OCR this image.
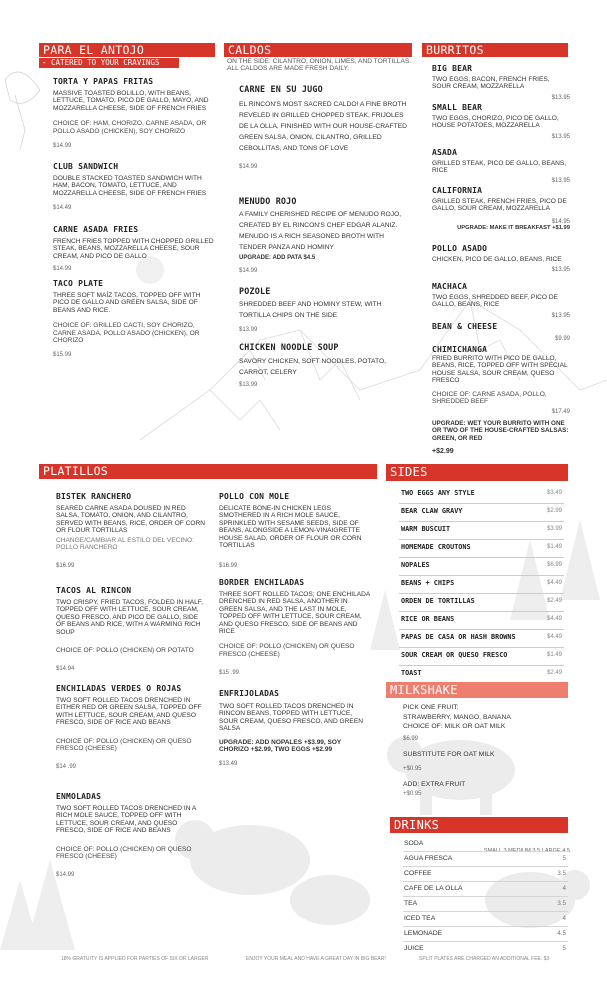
PARA EL ANTOJO
- CATERED TO YOUR CRAVINGS

TORTA Y PAPAS FRITAS

MASSIVE TOASTED BOLILLO, WITH BEANS, LETTUCE, TOMATO, PICO DE GALLO, MAYO, AND MOZZARELLA CHEESE, SIDE OF FRENCH FRIES

CHOICE OF: HAM, CHORIZO, CARNE ASADA, OR POLLO ASADO (CHICKEN), SOY CHORIZO

$14.99

CLUB SANDWICH

DOUBLE STACKED TOASTED SANDWICH WITH HAM, BACON, TOMATO, LETTUCE, AND MOZZARELLA CHEESE, SIDE OF FRENCH FRIES

$14.49

CARNE ASADA FRIES

FRENCH FRIES TOPPED WITH CHOPPED GRILLED STEAK, BEANS, MOZZARELLA CHEESE, SOUR CREAM, AND PICO DE GALLO

$14.99

TACO PLATE

THREE SOFT MAÍZ TACOS, TOPPED OFF WITH PICO DE GALLO AND GREEN SALSA, SIDE OF BEANS AND RICE.

CHOICE OF: GRILLED CACTI, SOY CHORIZO, CARNE ASADA, POLLO ASADO (CHICKEN), OR CHORIZO

$15.99

CALDOS

ON THE SIDE: CILANTRO, ONION, LIMES, AND TORTILLAS. ALL CALDOS ARE MADE FRESH DAILY.

CARNE EN SU JUGO

EL RINCON'S MOST SACRED CALDO! A FINE BROTH REVELED IN GRILLED CHOPPED STEAK, FRIJOLES DE LA OLLA, FINISHED WITH OUR HOUSE-CRAFTED GREEN SALSA, ONION, CILANTRO, GRILLED CEBOLLITAS, AND TONS OF LOVE

$14.99

MENUDO ROJO

A FAMILY CHERISHED RECIPE OF MENUDO ROJO, CREATED BY EL RINCON'S CHEF EDGAR ALANIZ. MENUDO IS A RICH SEASONED BROTH WITH TENDER PANZA AND HOMINY

UPGRADE: ADD PATA $4.5

$14.99

POZOLE

SHREDDED BEEF AND HOMINY STEW, WITH TORTILLA CHIPS ON THE SIDE

$13.99

CHICKEN NOODLE SOUP

SAVORY CHICKEN, SOFT NOODLES, POTATO, CARROT, CELERY

$13.99

BURRITOS

BIG BEAR

TWO EGGS, BACON, FRENCH FRIES, SOUR CREAM, MOZZARELLA

$13.95

SMALL BEAR

TWO EGGS, CHORIZO, PICO DE GALLO, HOUSE POTATOES, MOZZARELLA

$13.95

ASADA

GRILLED STEAK, PICO DE GALLO, BEANS, RICE

$13.95

CALIFORNIA

GRILLED STEAK, FRENCH FRIES, PICO DE GALLO, SOUR CREAM, MOZZARELLA

$14.95

UPGRADE: MAKE IT BREAKFAST +$1.99

POLLO ASADO

CHICKEN, PICO DE GALLO, BEANS, RICE

$13.95

MACHACA

TWO EGGS, SHREDDED BEEF, PICO DE GALLO, BEANS, RICE

$13.95

BEAN & CHEESE

$9.99

CHIMICHANGA

FRIED BURRITO WITH PICO DE GALLO, BEANS, RICE, TOPPED OFF WITH SPECIAL HOUSE SALSA, SOUR CREAM, QUESO FRESCO

CHOICE OF: CARNE ASADA, POLLO, SHREDDED BEEF

$17.49

UPGRADE: WET YOUR BURRITO WITH ONE OR TWO OF THE HOUSE-CRAFTED SALSAS: GREEN, OR RED

+$2.99

PLATILLOS

BISTEK RANCHERO

SEARED CARNE ASADA DOUSED IN RED SALSA, TOMATO, ONION, AND CILANTRO, SERVED WITH BEANS, RICE, ORDER OF CORN OR FLOUR TORTILLAS

CHANGE/CAMBIAR AL ESTILO DEL VECINO: POLLO RANCHERO

$16.99

TACOS AL RINCON

TWO CRISPY, FRIED TACOS, FOLDED IN HALF, TOPPED OFF WITH LETTUCE, SOUR CREAM, QUESO FRESCO, AND PICO DE GALLO, SIDE OF BEANS AND RICE, WITH A WARMING RICH SOUP

CHOICE OF: POLLO (CHICKEN) OR POTATO

$14.94

ENCHILADAS VERDES O ROJAS

TWO SOFT ROLLED TACOS DRENCHED IN EITHER RED OR GREEN SALSA, TOPPED OFF WITH LETTUCE, SOUR CREAM, AND QUESO FRESCO, SIDE OF RICE AND BEANS

CHOICE OF: POLLO (CHICKEN) OR QUESO FRESCO (CHEESE)

$14 .99

ENMOLADAS

TWO SOFT ROLLED TACOS DRENCHED IN A RICH MOLE SAUCE, TOPPED OFF WITH LETTUCE, SOUR CREAM, AND QUESO FRESCO, SIDE OF RICE AND BEANS

CHOICE OF: POLLO (CHICKEN) OR QUESO FRESCO (CHEESE)

$14.99

POLLO CON MOLE

DELICATE BONE-IN CHICKEN LEGS SMOTHERED IN A RICH MOLE SAUCE, SPRINKLED WITH SESAME SEEDS, SIDE OF BEANS, ALONGSIDE A LEMON-VINAIGRETTE HOUSE SALAD, ORDER OF FLOUR OR CORN TORTILLAS

$16.99

BORDER ENCHILADAS

THREE SOFT ROLLED TACOS; ONE ENCHILADA DRENCHED IN RED SALSA, ANOTHER IN GREEN SALSA, AND THE LAST IN MOLE, TOPPED OFF WITH LETTUCE, SOUR CREAM, AND QUESO FRESCO, SIDE OF BEANS AND RICE

CHOICE OF: POLLO (CHICKEN) OR QUESO FRESCO (CHEESE)

$15 .99

ENFRIJOLADAS

TWO SOFT ROLLED TACOS DRENCHED IN RINCON BEANS, TOPPED WITH LETTUCE, SOUR CREAM, QUESO FRESCO, AND GREEN SALSA

UPGRADE: ADD NOPALES +$3.99, SOY CHORIZO +$2.99, TWO EGGS +$2.99

$13.49

SIDES
TWO EGGS ANY STYLE	$3.49
BEAR CLAW GRAVY	$2.99
WARM BUSCUIT	$3.99
HOMEMADE CROUTONS	$1.49
NOPALES	$6.99
BEANS + CHIPS	$4.49
ORDEN DE TORTILLAS	$2.49
RICE OR BEANS	$4.49
PAPAS DE CASA OR HASH BROWNS	$4.49
SOUR CREAM OR QUESO FRESCO	$1.49
TOAST	$2.49
MILKSHAKE

PICK ONE FRUIT:

STRAWBERRY, MANGO, BANANA

CHOICE OF: MILK OR OAT MILK

$6.99

SUBSTITUTE FOR OAT MILK

+$0.95

ADD: EXTRA FRUIT

+$0.95

DRINKS
SMALL 3 MEDIUM 3.5 LARGE 4.5
SODA
AGUA FRESCA	5
COFFEE	3.5
CAFE DE LA OLLA	4
TEA	3.5
ICED TEA	4
LEMONADE	4.5
JUICE	5
18% GRATUITY IS APPLIED FOR PARTIES OF SIX OR LARGER	ENJOY YOUR MEAL AND HAVE A GREAT DAY IN BIG BEAR!	SPLIT PLATES ARE CHARGED AN ADDITIONAL FEE: $3
